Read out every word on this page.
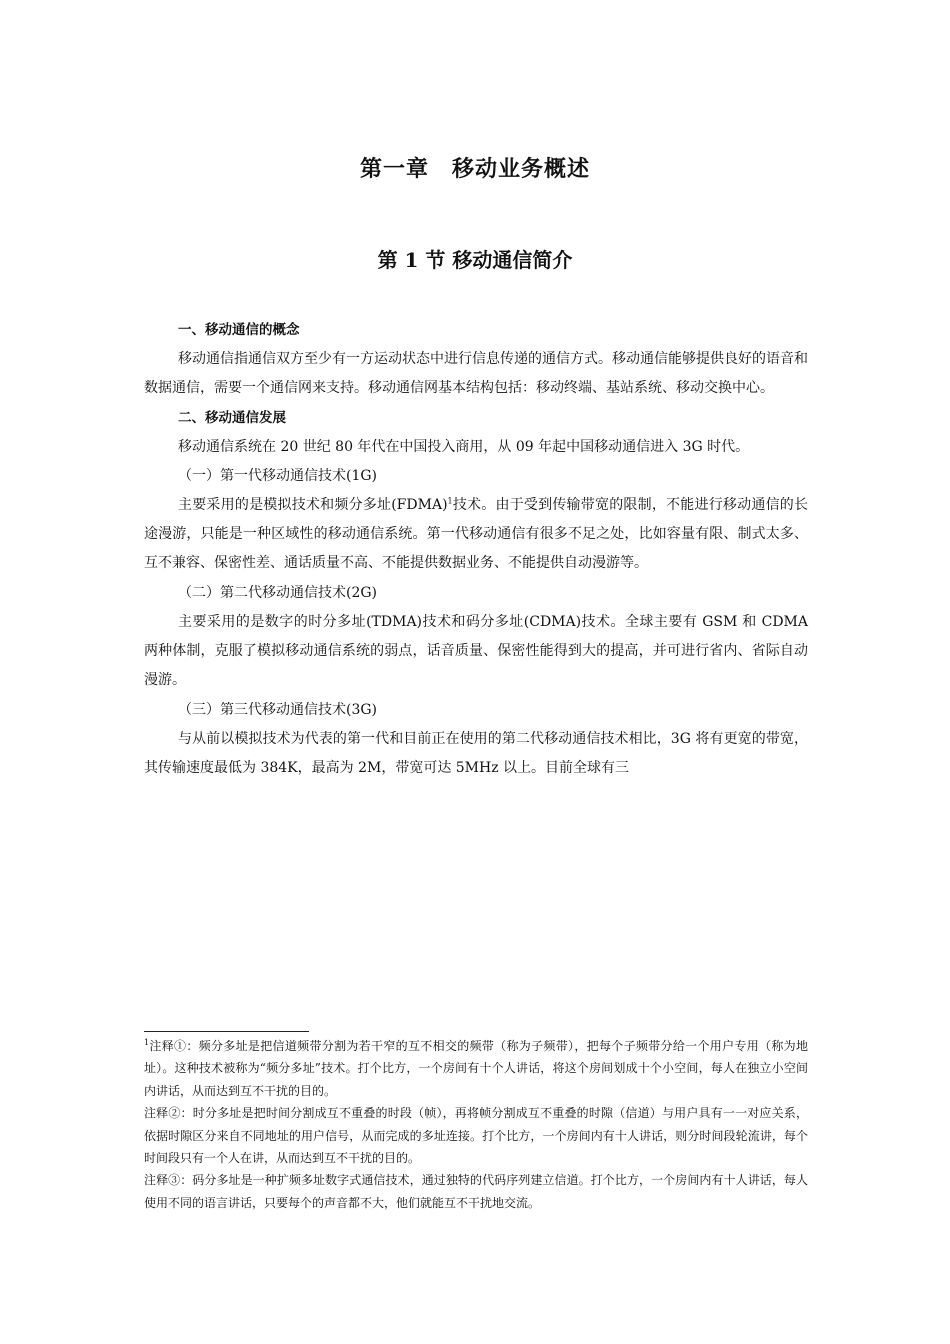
第一章　移动业务概述
第 1 节 移动通信简介

一、移动通信的概念

移动通信指通信双方至少有一方运动状态中进行信息传递的通信方式。移动通信能够提供良好的语音和数据通信，需要一个通信网来支持。移动通信网基本结构包括：移动终端、基站系统、移动交换中心。

二、移动通信发展

移动通信系统在 20 世纪 80 年代在中国投入商用，从 09 年起中国移动通信进入 3G 时代。

（一）第一代移动通信技术(1G)

主要采用的是模拟技术和频分多址(FDMA)$^1$技术。由于受到传输带宽的限制，不能进行移动通信的长途漫游，只能是一种区域性的移动通信系统。第一代移动通信有很多不足之处，比如容量有限、制式太多、互不兼容、保密性差、通话质量不高、不能提供数据业务、不能提供自动漫游等。

（二）第二代移动通信技术(2G)

主要采用的是数字的时分多址(TDMA)技术和码分多址(CDMA)技术。全球主要有 GSM 和 CDMA 两种体制，克服了模拟移动通信系统的弱点，话音质量、保密性能得到大的提高，并可进行省内、省际自动漫游。

（三）第三代移动通信技术(3G)

与从前以模拟技术为代表的第一代和目前正在使用的第二代移动通信技术相比，3G 将有更宽的带宽，其传输速度最低为 384K，最高为 2M，带宽可达 5MHz 以上。目前全球有三

$^1$注释①：频分多址是把信道频带分割为若干窄的互不相交的频带（称为子频带），把每个子频带分给一个用户专用（称为地址）。这种技术被称为“频分多址”技术。打个比方，一个房间有十个人讲话，将这个房间划成十个小空间，每人在独立小空间内讲话，从而达到互不干扰的目的。

注释②：时分多址是把时间分割成互不重叠的时段（帧），再将帧分割成互不重叠的时隙（信道）与用户具有一一对应关系，依据时隙区分来自不同地址的用户信号，从而完成的多址连接。打个比方，一个房间内有十人讲话，则分时间段轮流讲，每个时间段只有一个人在讲，从而达到互不干扰的目的。

注释③：码分多址是一种扩频多址数字式通信技术，通过独特的代码序列建立信道。打个比方，一个房间内有十人讲话，每人使用不同的语言讲话，只要每个的声音都不大，他们就能互不干扰地交流。
